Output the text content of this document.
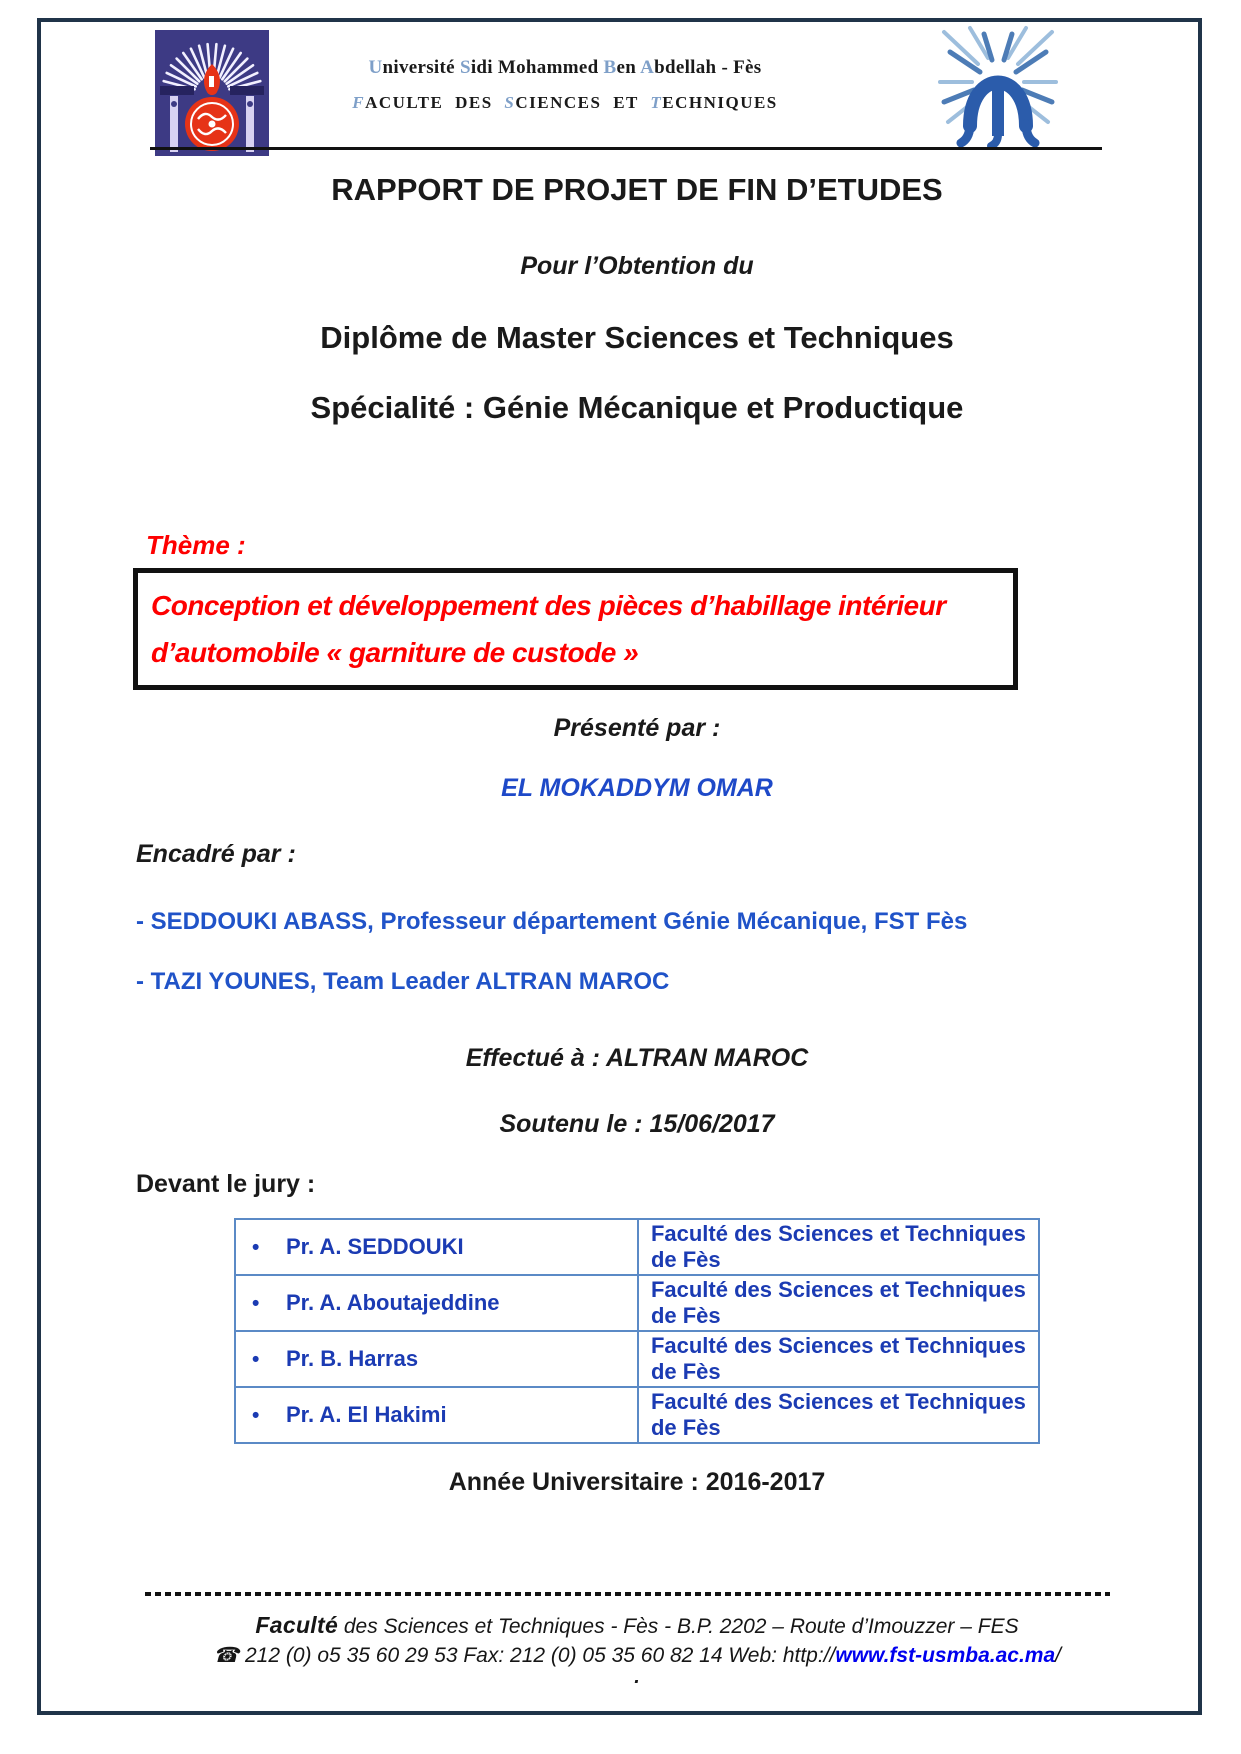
Université Sidi Mohammed Ben Abdellah - Fès
FACULTE DES SCIENCES ET TECHNIQUES
RAPPORT DE PROJET DE FIN D’ETUDES
Pour l’Obtention du
Diplôme de Master Sciences et Techniques
Spécialité : Génie Mécanique et Productique
Thème :
Conception et développement des pièces d’habillage intérieur d’automobile « garniture de custode »
Présenté par :
EL MOKADDYM OMAR
Encadré par :
- SEDDOUKI ABASS, Professeur département Génie Mécanique, FST Fès
- TAZI YOUNES, Team Leader ALTRAN MAROC
Effectué à : ALTRAN MAROC
Soutenu le : 15/06/2017
Devant le jury :
• Pr. A. SEDDOUKI	Faculté des Sciences et Techniques de Fès
• Pr. A. Aboutajeddine	Faculté des Sciences et Techniques de Fès
• Pr. B. Harras	Faculté des Sciences et Techniques de Fès
• Pr. A. El Hakimi	Faculté des Sciences et Techniques de Fès
Année Universitaire : 2016-2017
Faculté des Sciences et Techniques - Fès - B.P. 2202 – Route d’Imouzzer – FES
☎ 212 (0) o5 35 60 29 53 Fax: 212 (0) 05 35 60 82 14 Web: http://www.fst-usmba.ac.ma/
.
